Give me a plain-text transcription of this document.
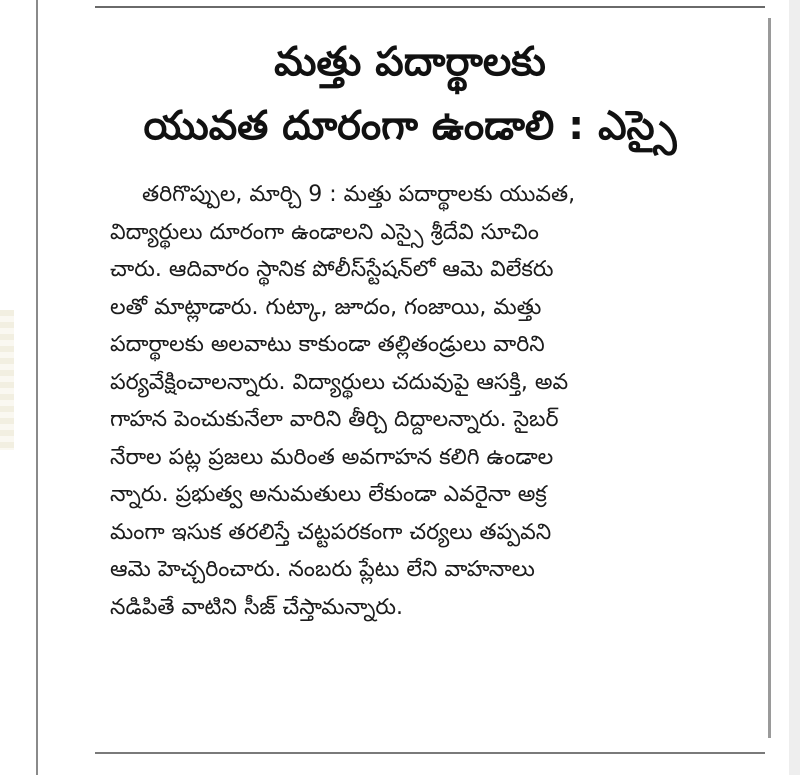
మత్తు పదార్థాలకు
యువత దూరంగా ఉండాలి : ఎస్సై
తరిగొప్పుల, మార్చి 9 : మత్తు పదార్థాలకు యువత,
విద్యార్థులు దూరంగా ఉండాలని ఎస్సై శ్రీదేవి సూచిం
చారు. ఆదివారం స్థానిక పోలీస్‌స్టేషన్‌లో ఆమె విలేకరు
లతో మాట్లాడారు. గుట్కా, జూదం, గంజాయి, మత్తు
పదార్థాలకు అలవాటు కాకుండా తల్లితండ్రులు వారిని
పర్యవేక్షించాలన్నారు. విద్యార్థులు చదువుపై ఆసక్తి, అవ
గాహన పెంచుకునేలా వారిని తీర్చి దిద్దాలన్నారు. సైబర్
నేరాల పట్ల ప్రజలు మరింత అవగాహన కలిగి ఉండాల
న్నారు. ప్రభుత్వ అనుమతులు లేకుండా ఎవరైనా అక్ర
మంగా ఇసుక తరలిస్తే చట్టపరకంగా చర్యలు తప్పవని
ఆమె హెచ్చరించారు. నంబరు ప్లేటు లేని వాహనాలు
నడిపితే వాటిని సీజ్ చేస్తామన్నారు.
